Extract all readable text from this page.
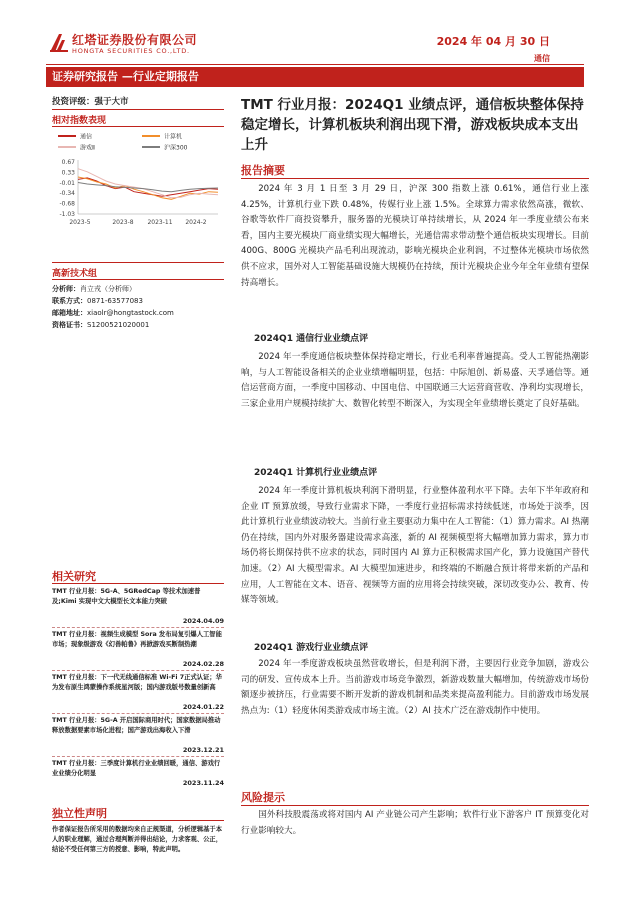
红塔证券股份有限公司
HONGTA SECURITIES CO.,LTD.
2024 年 04 月 30 日
通信
证券研究报告 —行业定期报告
投资评级：强于大市
相对指数表现
通信	计算机
游戏Ⅱ	沪深300
0.67
0.33
-0.01
-0.34
-0.68
-1.03
2023-5	2023-8 2023-11 2024-2
高新技术组
分析师：肖立戎（分析师）
联系方式：0871-63577083
邮箱地址：xiaolr@hongtastock.com
资格证书：S1200521020001
相关研究
TMT 行业月报：5G-A、5GRedCap 等技术加速普及;Kimi 实现中文大模型长文本能力突破
2024.04.09
TMT 行业月报：视频生成模型 Sora 发布局复引爆人工智能市场；现象级游戏《幻兽帕鲁》再掀游戏买断制热潮
2024.02.28
TMT 行业月报：下一代无线通信标准 Wi-Fi 7正式认证；华为发布原生鸿蒙操作系统星河版；国内游戏版号数量创新高
2024.01.22
TMT 行业月报：5G-A 开启国际商用时代；国家数据局推动释放数据要素市场化进程；国产游戏出海收入下滑
2023.12.21
TMT 行业月报：三季度计算机行业业绩回暖，通信、游戏行业业绩分化明显
2023.11.24
独立性声明
作者保证报告所采用的数据均来自正规渠道，分析逻辑基于本人的职业理解，通过合理判断并得出结论，力求客观、公正，结论不受任何第三方的授意、影响，特此声明。
TMT 行业月报：2024Q1 业绩点评，通信板块整体保持稳定增长，计算机板块利润出现下滑，游戏板块成本支出上升
报告摘要
2024 年 3 月 1 日至 3 月 29 日，沪深 300 指数上涨 0.61%，通信行业上涨 4.25%，计算机行业下跌 0.48%，传媒行业上涨 1.5%。全球算力需求依然高涨，微软、谷歌等软件厂商投资攀升，服务器的光模块订单持续增长，从 2024 年一季度业绩公布来看，国内主要光模块厂商业绩实现大幅增长，光通信需求带动整个通信板块实现增长。目前 400G、800G 光模块产品毛利出现流动，影响光模块企业利润，不过整体光模块市场依然供不应求，国外对人工智能基础设施大规模仍在持续，预计光模块企业今年全年业绩有望保持高增长。
2024Q1 通信行业业绩点评
2024 年一季度通信板块整体保持稳定增长，行业毛利率普遍提高。受人工智能热潮影响，与人工智能设备相关的企业业绩增幅明显，包括：中际旭创、新易盛、天孚通信等。通信运营商方面，一季度中国移动、中国电信、中国联通三大运营商营收、净利均实现增长，三家企业用户规模持续扩大、数智化转型不断深入，为实现全年业绩增长奠定了良好基础。
2024Q1 计算机行业业绩点评
2024 年一季度计算机板块利润下滑明显，行业整体盈利水平下降。去年下半年政府和企业 IT 预算放缓，导致行业需求下降，一季度行业招标需求持续低迷，市场处于淡季，因此计算机行业业绩波动较大。当前行业主要驱动力集中在人工智能：（1）算力需求。AI 热潮仍在持续，国内外对服务器建设需求高涨，新的 AI 视频模型将大幅增加算力需求，算力市场仍将长期保持供不应求的状态，同时国内 AI 算力正积极需求国产化，算力设施国产替代加速。（2）AI 大模型需求。AI 大模型加速进步，和终端的不断融合预计将带来新的产品和应用，人工智能在文本、语音、视频等方面的应用将会持续突破，深切改变办公、教育、传媒等领域。
2024Q1 游戏行业业绩点评
2024 年一季度游戏板块虽然营收增长，但是利润下滑，主要因行业竞争加剧，游戏公司的研发、宣传成本上升。当前游戏市场竞争激烈，新游戏数量大幅增加，传统游戏市场份额逐步被挤压，行业需要不断开发新的游戏机制和品类来提高盈利能力。目前游戏市场发展热点为:（1）轻度休闲类游戏成市场主流。（2）AI 技术广泛在游戏制作中使用。
风险提示
国外科技股震荡或将对国内 AI 产业链公司产生影响；软件行业下游客户 IT 预算变化对行业影响较大。
